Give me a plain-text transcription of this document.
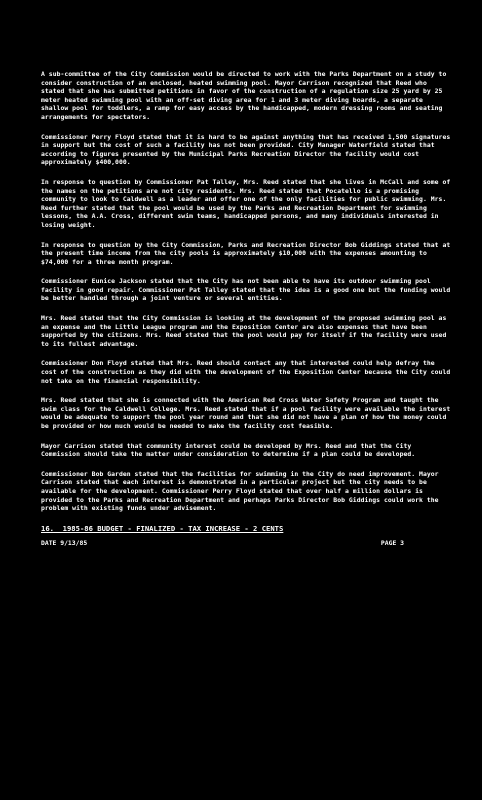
A sub-committee of the City Commission would be directed to work with the Parks Department on a study to consider construction of an enclosed, heated swimming pool. Mayor Carrison recognized that Reed who stated that she has submitted petitions in favor of the construction of a regulation size 25 yard by 25 meter heated swimming pool with an off-set diving area for 1 and 3 meter diving boards, a separate shallow pool for toddlers, a ramp for easy access by the handicapped, modern dressing rooms and seating arrangements for spectators.

Commissioner Perry Floyd stated that it is hard to be against anything that has received 1,500 signatures in support but the cost of such a facility has not been provided. City Manager Waterfield stated that according to figures presented by the Municipal Parks Recreation Director the facility would cost approximately $400,000.

In response to question by Commissioner Pat Talley, Mrs. Reed stated that she lives in McCall and some of the names on the petitions are not city residents. Mrs. Reed stated that Pocatello is a promising community to look to Caldwell as a leader and offer one of the only facilities for public swimming. Mrs. Reed further stated that the pool would be used by the Parks and Recreation Department for swimming lessons, the A.A. Cross, different swim teams, handicapped persons, and many individuals interested in losing weight.

In response to question by the City Commission, Parks and Recreation Director Bob Giddings stated that at the present time income from the city pools is approximately $10,000 with the expenses amounting to $74,000 for a three month program.

Commissioner Eunice Jackson stated that the City has not been able to have its outdoor swimming pool facility in good repair. Commissioner Pat Talley stated that the idea is a good one but the funding would be better handled through a joint venture or several entities.

Mrs. Reed stated that the City Commission is looking at the development of the proposed swimming pool as an expense and the Little League program and the Exposition Center are also expenses that have been supported by the citizens. Mrs. Reed stated that the pool would pay for itself if the facility were used to its fullest advantage.

Commissioner Don Floyd stated that Mrs. Reed should contact any that interested could help defray the cost of the construction as they did with the development of the Exposition Center because the City could not take on the financial responsibility.

Mrs. Reed stated that she is connected with the American Red Cross Water Safety Program and taught the swim class for the Caldwell College. Mrs. Reed stated that if a pool facility were available the interest would be adequate to support the pool year round and that she did not have a plan of how the money could be provided or how much would be needed to make the facility cost feasible.

Mayor Carrison stated that community interest could be developed by Mrs. Reed and that the City Commission should take the matter under consideration to determine if a plan could be developed.

Commissioner Bob Garden stated that the facilities for swimming in the City do need improvement. Mayor Carrison stated that each interest is demonstrated in a particular project but the city needs to be available for the development. Commissioner Perry Floyd stated that over half a million dollars is provided to the Parks and Recreation Department and perhaps Parks Director Bob Giddings could work the problem with existing funds under advisement.

16.  1985-86 BUDGET - FINALIZED - TAX INCREASE - 2 CENTS
DATE 9/13/85	PAGE 3
